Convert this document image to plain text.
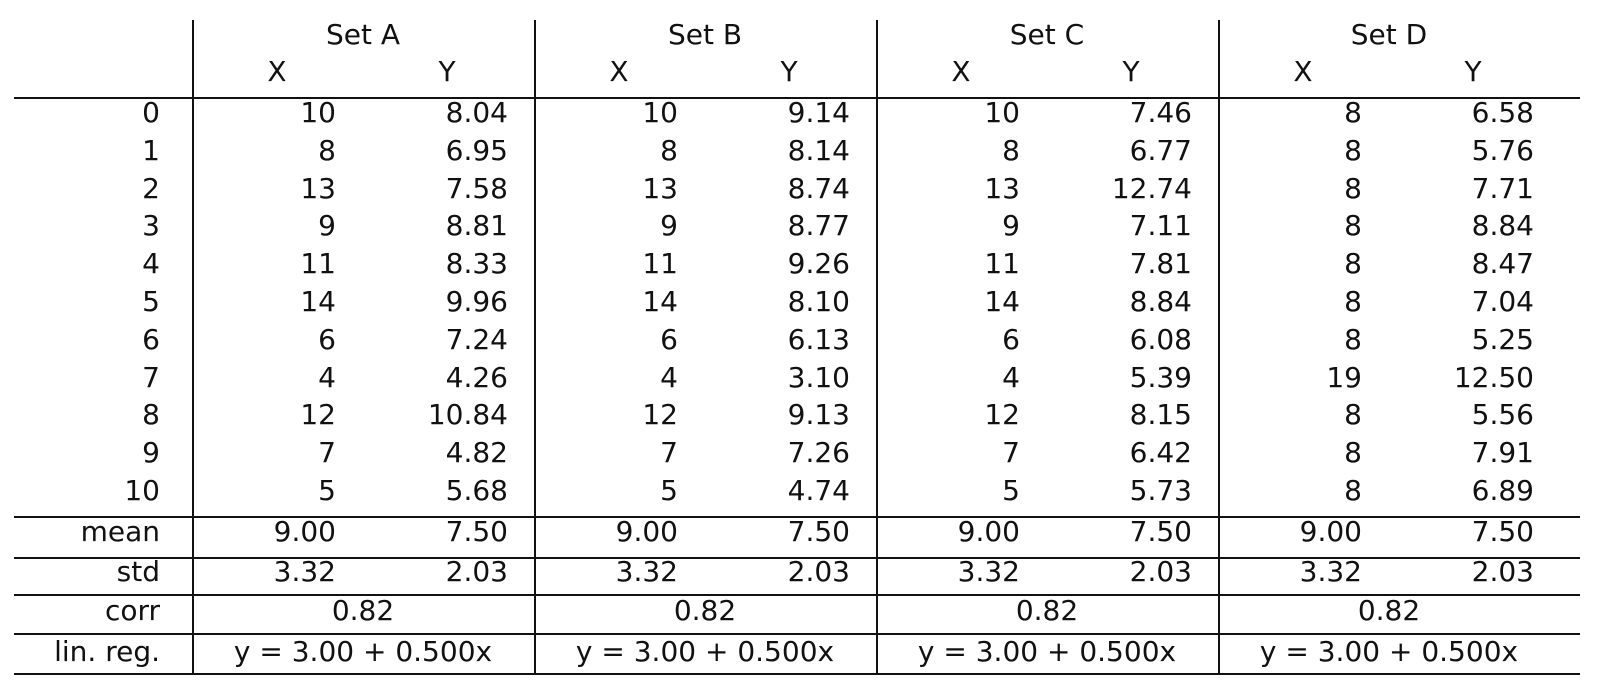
Set A	Set B	Set C	Set D
X	Y	X	Y	X	Y	X	Y
0	10	8.04	10	9.14	10	7.46	8	6.58
1	8	6.95	8	8.14	8	6.77	8	5.76
2	13	7.58	13	8.74	13	12.74	8	7.71
3	9	8.81	9	8.77	9	7.11	8	8.84
4	11	8.33	11	9.26	11	7.81	8	8.47
5	14	9.96	14	8.10	14	8.84	8	7.04
6	6	7.24	6	6.13	6	6.08	8	5.25
7	4	4.26	4	3.10	4	5.39	19	12.50
8	12	10.84	12	9.13	12	8.15	8	5.56
9	7	4.82	7	7.26	7	6.42	8	7.91
10	5	5.68	5	4.74	5	5.73	8	6.89
mean	9.00	7.50	9.00	7.50	9.00	7.50	9.00	7.50
std	3.32	2.03	3.32	2.03	3.32	2.03	3.32	2.03
corr	0.82	0.82	0.82	0.82
lin. reg.	y = 3.00 + 0.500x	y = 3.00 + 0.500x	y = 3.00 + 0.500x	y = 3.00 + 0.500x
